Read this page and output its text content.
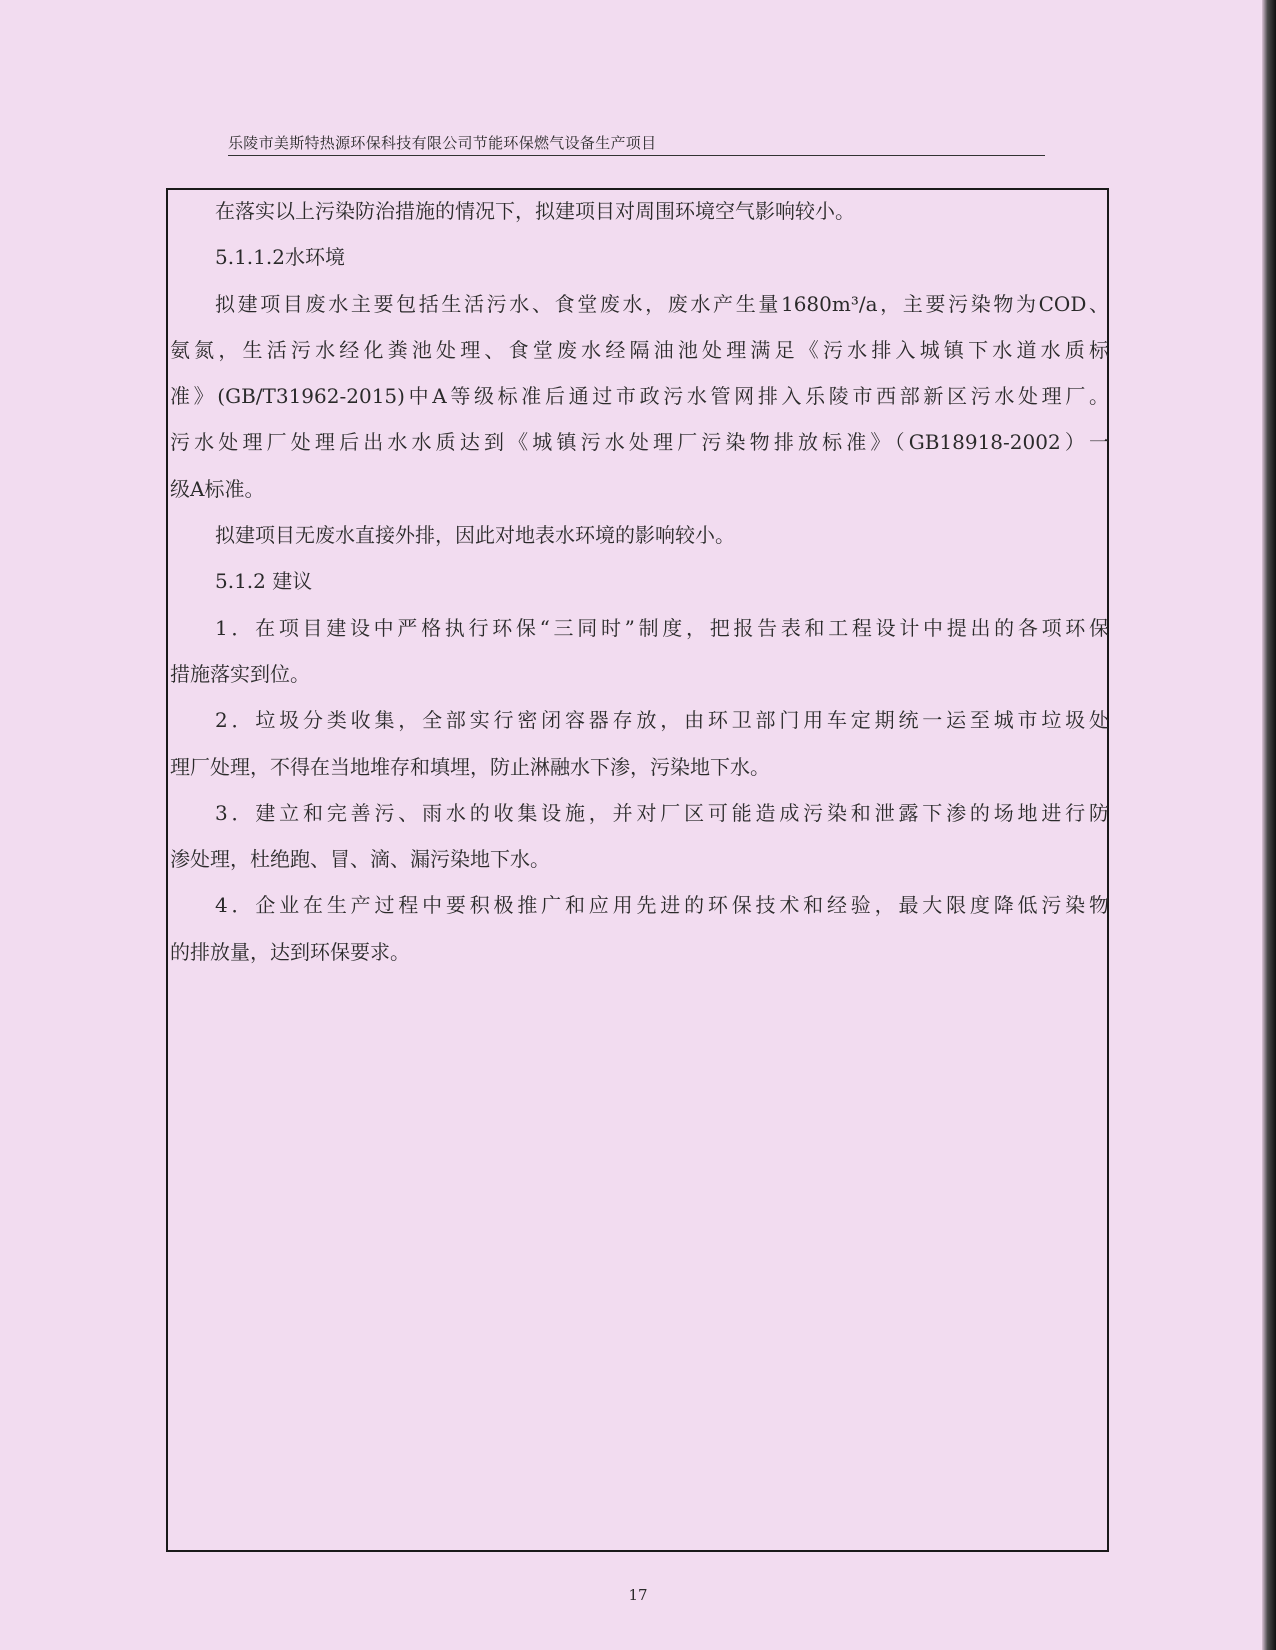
乐陵市美斯特热源环保科技有限公司节能环保燃气设备生产项目
在落实以上污染防治措施的情况下，拟建项目对周围环境空气影响较小。
5.1.1.2水环境
拟建项目废水主要包括生活污水、食堂废水，废水产生量1680m³/a，主要污染物为COD、
氨氮，生活污水经化粪池处理、食堂废水经隔油池处理满足《污水排入城镇下水道水质标
准》(GB/T31962-2015)中A等级标准后通过市政污水管网排入乐陵市西部新区污水处理厂。
污水处理厂处理后出水水质达到《城镇污水处理厂污染物排放标准》（GB18918-2002）一
级A标准。
拟建项目无废水直接外排，因此对地表水环境的影响较小。
5.1.2 建议
1．在项目建设中严格执行环保“三同时”制度，把报告表和工程设计中提出的各项环保
措施落实到位。
2．垃圾分类收集，全部实行密闭容器存放，由环卫部门用车定期统一运至城市垃圾处
理厂处理，不得在当地堆存和填埋，防止淋融水下渗，污染地下水。
3．建立和完善污、雨水的收集设施，并对厂区可能造成污染和泄露下渗的场地进行防
渗处理，杜绝跑、冒、滴、漏污染地下水。
4．企业在生产过程中要积极推广和应用先进的环保技术和经验，最大限度降低污染物
的排放量，达到环保要求。
17
